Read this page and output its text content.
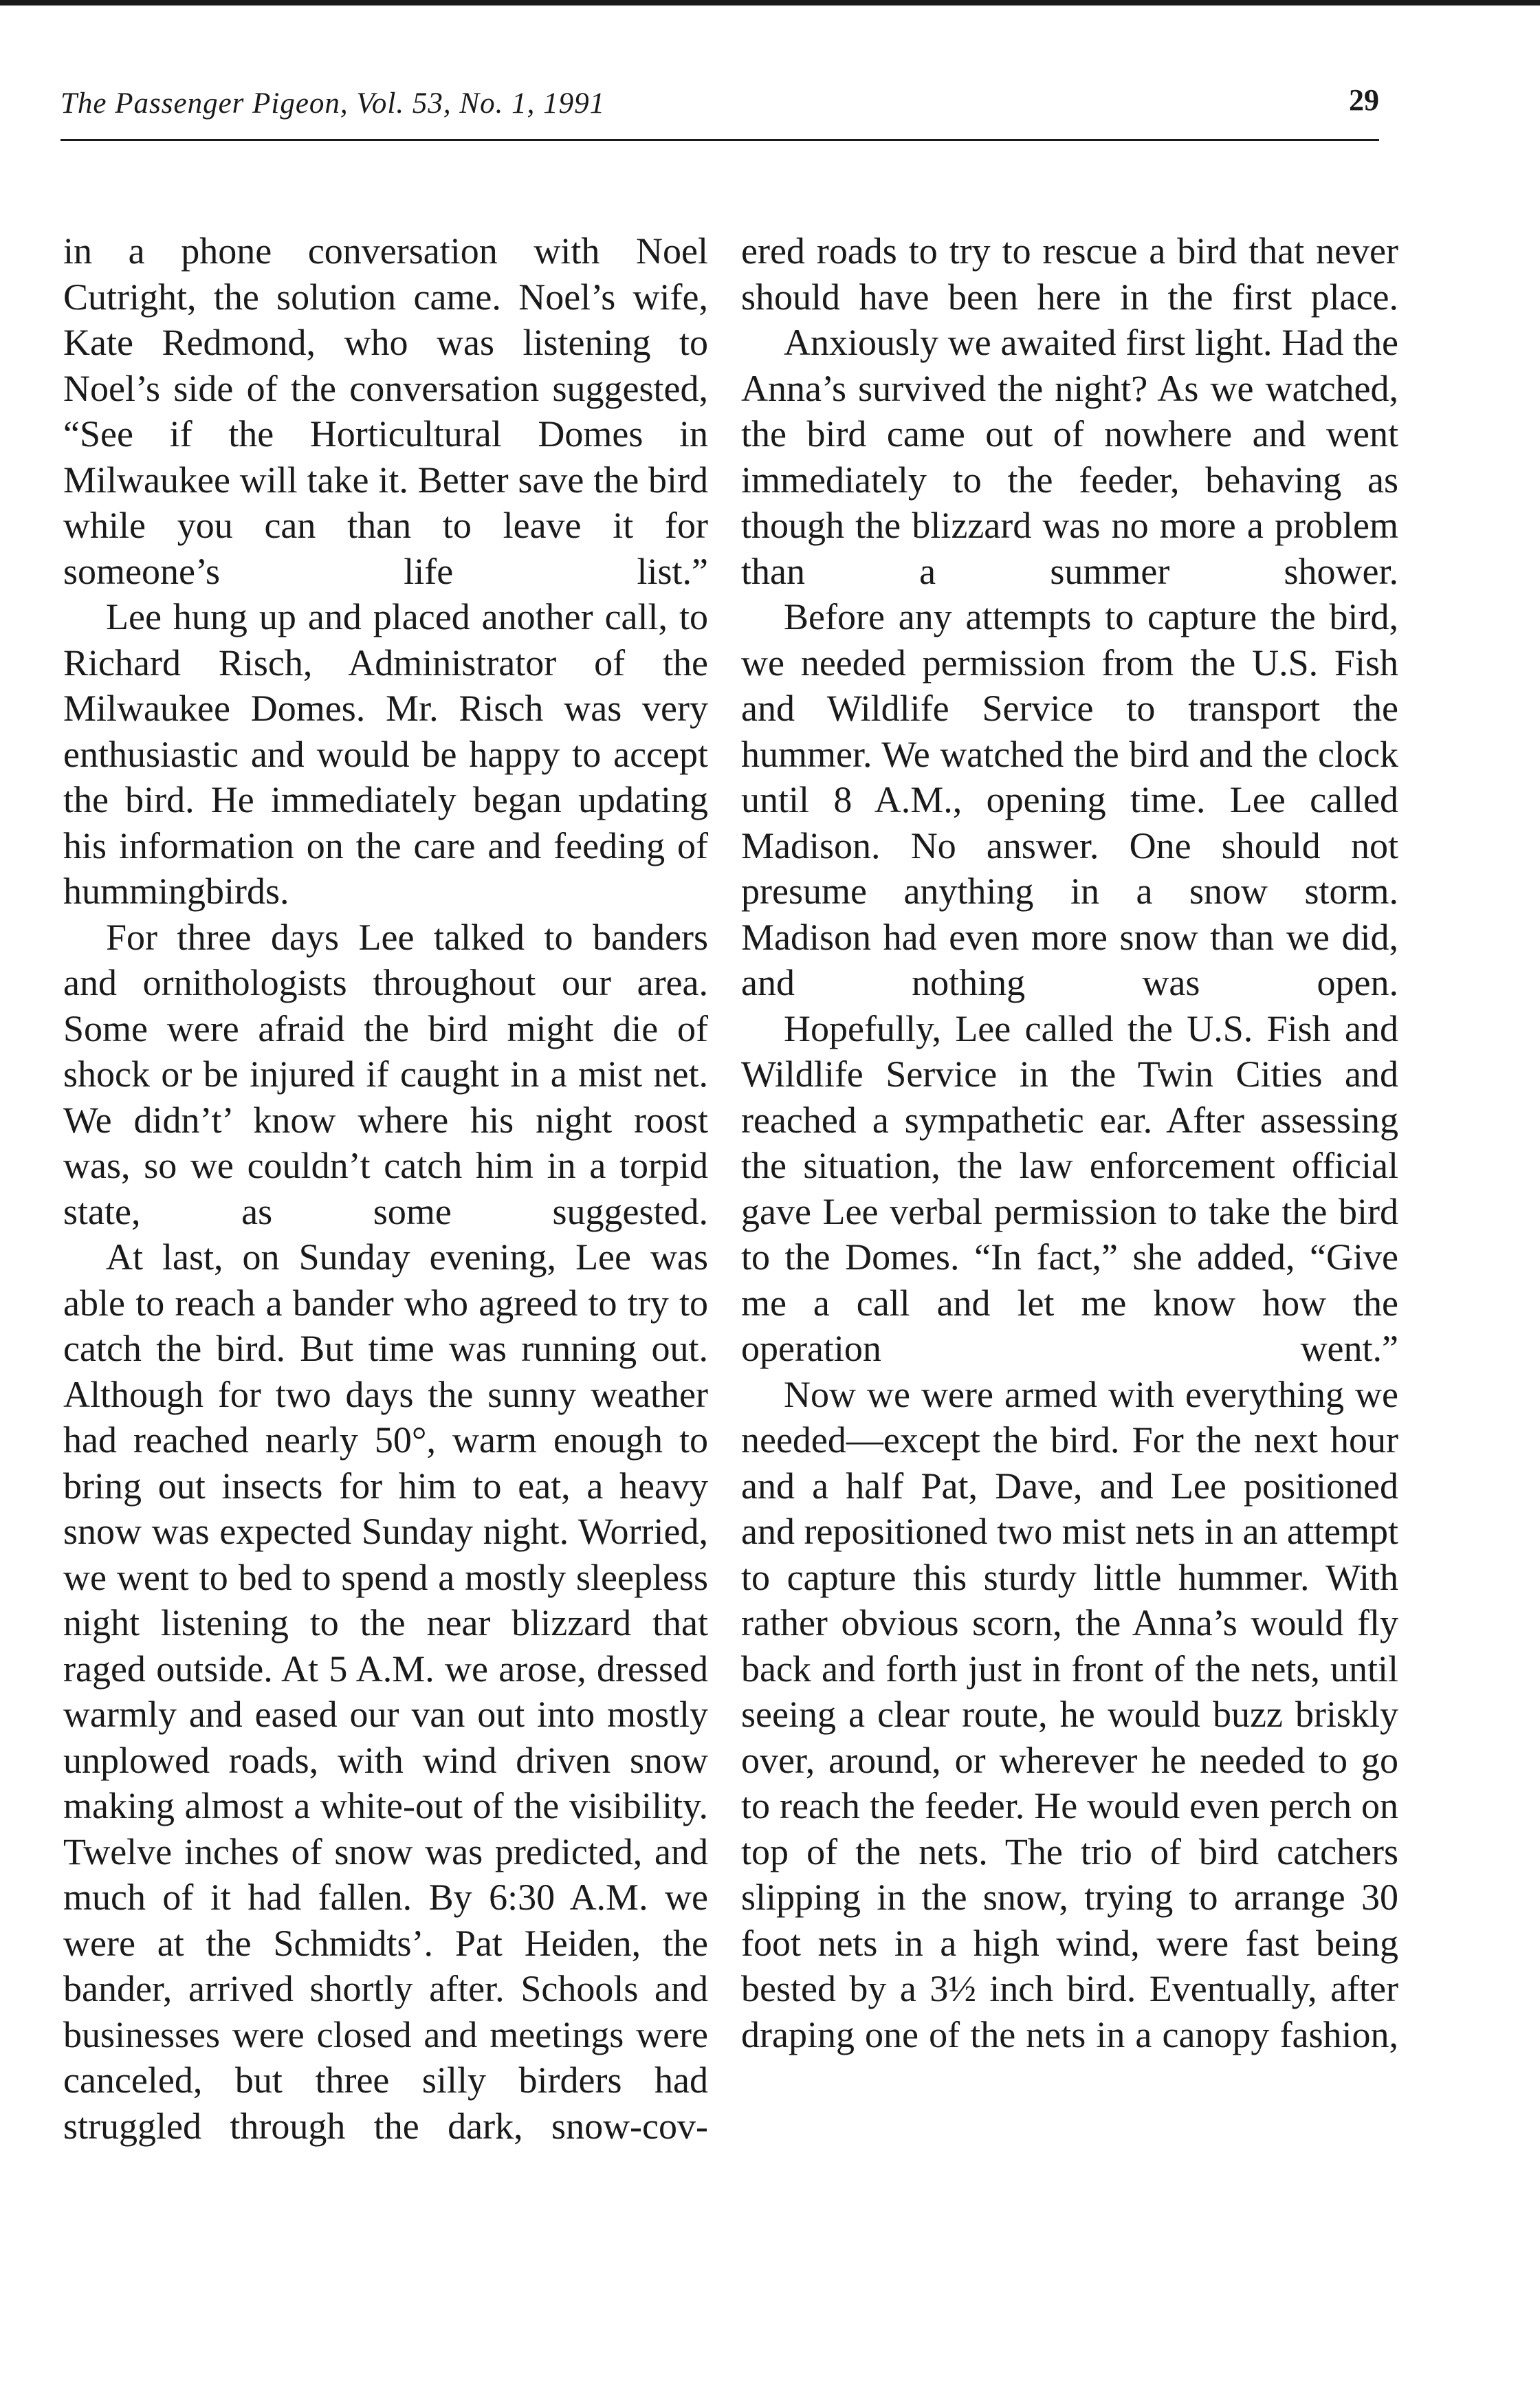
The Passenger Pigeon, Vol. 53, No. 1, 1991	29

in a phone conversation with Noel Cutright, the solution came. Noel’s wife, Kate Redmond, who was listening to Noel’s side of the conversation suggested, “See if the Horticultural Domes in Milwaukee will take it. Better save the bird while you can than to leave it for someone’s life list.”

Lee hung up and placed another call, to Richard Risch, Administrator of the Milwaukee Domes. Mr. Risch was very enthusiastic and would be happy to accept the bird. He immediately began updating his information on the care and feeding of hummingbirds.

For three days Lee talked to banders and ornithologists throughout our area. Some were afraid the bird might die of shock or be injured if caught in a mist net. We didn’t’ know where his night roost was, so we couldn’t catch him in a torpid state, as some suggested.

At last, on Sunday evening, Lee was able to reach a bander who agreed to try to catch the bird. But time was running out. Although for two days the sunny weather had reached nearly 50°, warm enough to bring out insects for him to eat, a heavy snow was expected Sunday night. Worried, we went to bed to spend a mostly sleepless night listening to the near blizzard that raged outside. At 5 A.M. we arose, dressed warmly and eased our van out into mostly unplowed roads, with wind driven snow making almost a white-out of the visibility. Twelve inches of snow was predicted, and much of it had fallen. By 6:30 A.M. we were at the Schmidts’. Pat Heiden, the bander, arrived shortly after. Schools and businesses were closed and meetings were canceled, but three silly birders had struggled through the dark, snow-cov-

ered roads to try to rescue a bird that never should have been here in the first place.

Anxiously we awaited first light. Had the Anna’s survived the night? As we watched, the bird came out of nowhere and went immediately to the feeder, behaving as though the blizzard was no more a problem than a summer shower.

Before any attempts to capture the bird, we needed permission from the U.S. Fish and Wildlife Service to transport the hummer. We watched the bird and the clock until 8 A.M., opening time. Lee called Madison. No answer. One should not presume anything in a snow storm. Madison had even more snow than we did, and nothing was open.

Hopefully, Lee called the U.S. Fish and Wildlife Service in the Twin Cities and reached a sympathetic ear. After assessing the situation, the law enforcement official gave Lee verbal permission to take the bird to the Domes. “In fact,” she added, “Give me a call and let me know how the operation went.”

Now we were armed with everything we needed—except the bird. For the next hour and a half Pat, Dave, and Lee positioned and repositioned two mist nets in an attempt to capture this sturdy little hummer. With rather obvious scorn, the Anna’s would fly back and forth just in front of the nets, until seeing a clear route, he would buzz briskly over, around, or wherever he needed to go to reach the feeder. He would even perch on top of the nets. The trio of bird catchers slipping in the snow, trying to arrange 30 foot nets in a high wind, were fast being bested by a 3½ inch bird. Eventually, after draping one of the nets in a canopy fashion,
